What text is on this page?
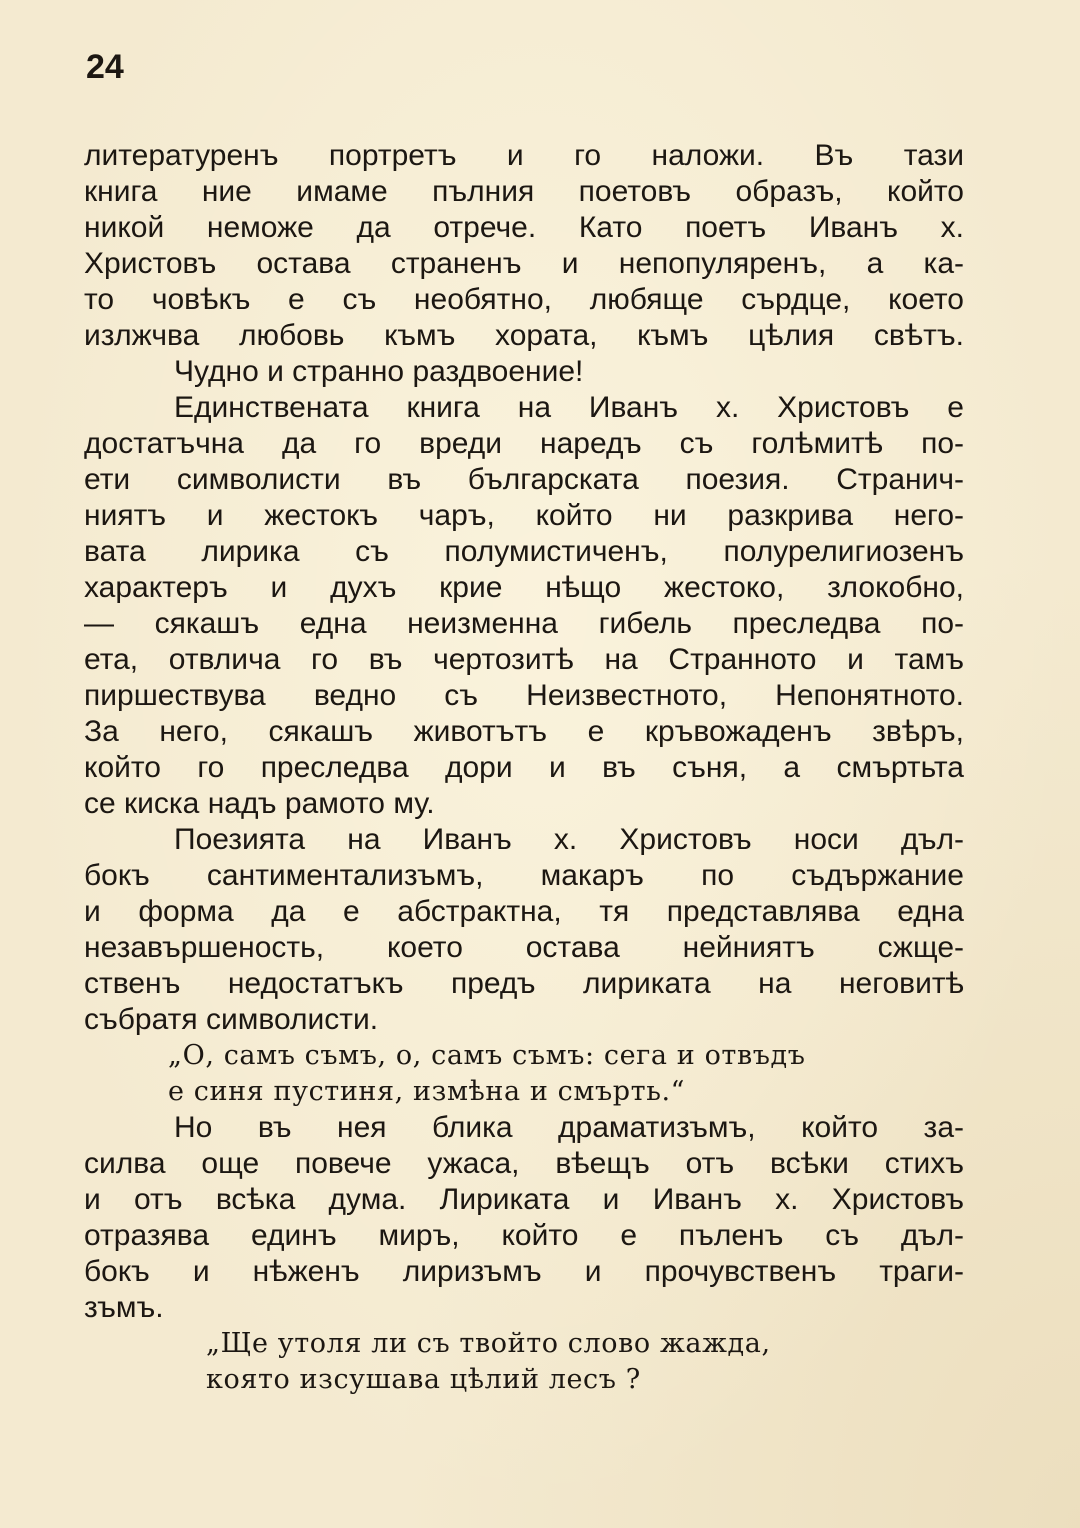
24
литературенъ портретъ и го наложи. Въ тази
книга ние имаме пълния поетовъ образъ, който
никой неможе да отрече. Като поетъ Иванъ х.
Христовъ остава страненъ и непопуляренъ, а ка-
то човѣкъ е съ необятно, любяще сърдце, което
излжчва любовь къмъ хората, къмъ цѣлия свѣтъ.
Чудно и странно раздвоение!
Единствената книга на Иванъ х. Христовъ е
достатъчна да го вреди наредъ съ голѣмитѣ по-
ети символисти въ българската поезия. Странич-
ниятъ и жестокъ чаръ, който ни разкрива него-
вата лирика съ полумистиченъ, полурелигиозенъ
характеръ и духъ крие нѣщо жестоко, злокобно,
— сякашъ една неизменна гибель преследва по-
ета, отвлича го въ чертозитѣ на Странното и тамъ
пиршествува ведно съ Неизвестното, Непонятното.
За него, сякашъ животътъ е кръвожаденъ звѣръ,
който го преследва дори и въ съня, а смъртьта
се киска надъ рамото му.
Поезията на Иванъ х. Христовъ носи дъл-
бокъ сантиментализъмъ, макаръ по съдържание
и форма да е абстрактна, тя представлява една
незавършеность, което остава нейниятъ сжще-
ственъ недостатъкъ предъ лириката на неговитѣ
събратя символисти.
„О, самъ съмъ, о, самъ съмъ: сега и отвъдъ
е синя пустиня, измѣна и смърть.“
Но въ нея блика драматизъмъ, който за-
силва още повече ужаса, вѣещъ отъ всѣки стихъ
и отъ всѣка дума. Лириката и Иванъ х. Христовъ
отразява единъ миръ, който е пъленъ съ дъл-
бокъ и нѣженъ лиризъмъ и прочувственъ траги-
зъмъ.
„Ще утоля ли съ твойто слово жажда,
която изсушава цѣлий лесъ ?
